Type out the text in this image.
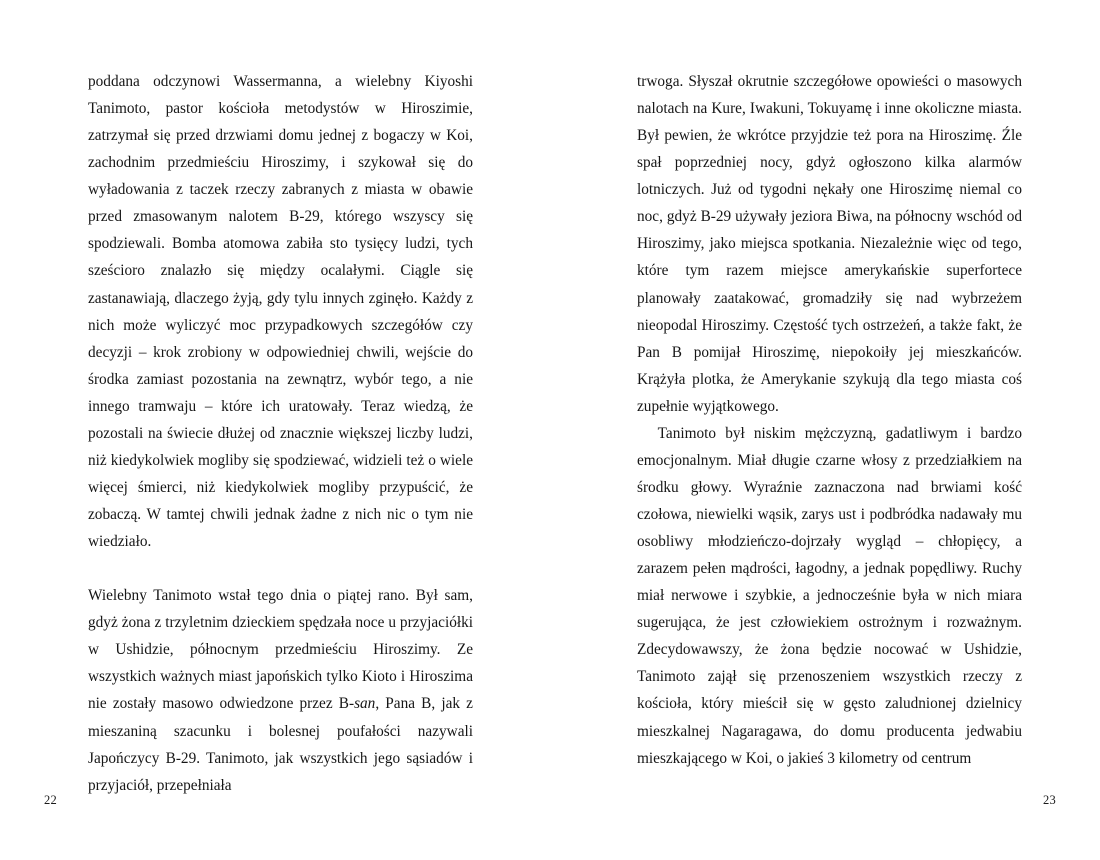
poddana odczynowi Wassermanna, a wielebny Kiyoshi Tanimoto, pastor kościoła metodystów w Hiroszimie, zatrzymał się przed drzwiami domu jednej z bogaczy w Koi, zachodnim przedmieściu Hiroszimy, i szykował się do wyładowania z taczek rzeczy zabranych z miasta w obawie przed zmasowanym nalotem B-29, którego wszyscy się spodziewali. Bomba atomowa zabiła sto tysięcy ludzi, tych sześcioro znalazło się między ocalałymi. Ciągle się zastanawiają, dlaczego żyją, gdy tylu innych zginęło. Każdy z nich może wyliczyć moc przypadkowych szczegółów czy decyzji – krok zrobiony w odpowiedniej chwili, wejście do środka zamiast pozostania na zewnątrz, wybór tego, a nie innego tramwaju – które ich uratowały. Teraz wiedzą, że pozostali na świecie dłużej od znacznie większej liczby ludzi, niż kiedykolwiek mogliby się spodziewać, widzieli też o wiele więcej śmierci, niż kiedykolwiek mogliby przypuścić, że zobaczą. W tamtej chwili jednak żadne z nich nic o tym nie wiedziało.

Wielebny Tanimoto wstał tego dnia o piątej rano. Był sam, gdyż żona z trzyletnim dzieckiem spędzała noce u przyjaciółki w Ushidzie, północnym przedmieściu Hiroszimy. Ze wszystkich ważnych miast japońskich tylko Kioto i Hiroszima nie zostały masowo odwiedzone przez B-san, Pana B, jak z mieszaniną szacunku i bolesnej poufałości nazywali Japończycy B-29. Tanimoto, jak wszystkich jego sąsiadów i przyjaciół, przepełniała

22

trwoga. Słyszał okrutnie szczegółowe opowieści o masowych nalotach na Kure, Iwakuni, Tokuyamę i inne okoliczne miasta. Był pewien, że wkrótce przyjdzie też pora na Hiroszimę. Źle spał poprzedniej nocy, gdyż ogłoszono kilka alarmów lotniczych. Już od tygodni nękały one Hiroszimę niemal co noc, gdyż B-29 używały jeziora Biwa, na północny wschód od Hiroszimy, jako miejsca spotkania. Niezależnie więc od tego, które tym razem miejsce amerykańskie superfortece planowały zaatakować, gromadziły się nad wybrzeżem nieopodal Hiroszimy. Częstość tych ostrzeżeń, a także fakt, że Pan B pomijał Hiroszimę, niepokoiły jej mieszkańców. Krążyła plotka, że Amerykanie szykują dla tego miasta coś zupełnie wyjątkowego.

Tanimoto był niskim mężczyzną, gadatliwym i bardzo emocjonalnym. Miał długie czarne włosy z przedziałkiem na środku głowy. Wyraźnie zaznaczona nad brwiami kość czołowa, niewielki wąsik, zarys ust i podbródka nadawały mu osobliwy młodzieńczo-dojrzały wygląd – chłopięcy, a zarazem pełen mądrości, łagodny, a jednak popędliwy. Ruchy miał nerwowe i szybkie, a jednocześnie była w nich miara sugerująca, że jest człowiekiem ostrożnym i rozważnym. Zdecydowawszy, że żona będzie nocować w Ushidzie, Tanimoto zajął się przenoszeniem wszystkich rzeczy z kościoła, który mieścił się w gęsto zaludnionej dzielnicy mieszkalnej Nagaragawa, do domu producenta jedwabiu mieszkającego w Koi, o jakieś 3 kilometry od centrum

23
